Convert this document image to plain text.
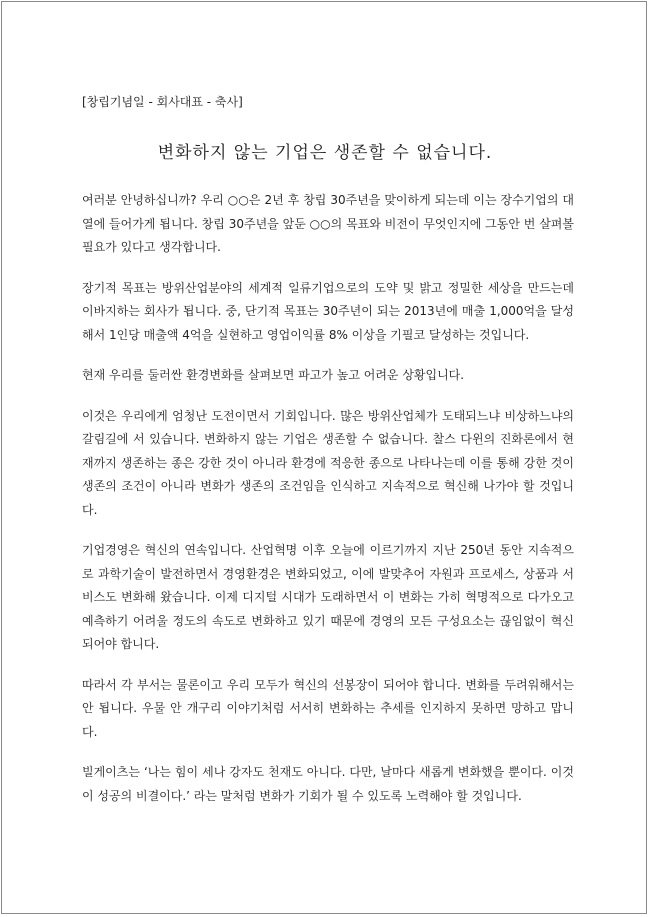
[창립기념일 - 회사대표 - 축사]
변화하지 않는 기업은 생존할 수 없습니다.

여러분 안녕하십니까? 우리 ○○은 2년 후 창립 30주년을 맞이하게 되는데 이는 장수기업의 대열에 들어가게 됩니다. 창립 30주년을 앞둔 ○○의 목표와 비전이 무엇인지에 그동안 번 살펴볼 필요가 있다고 생각합니다.

장기적 목표는 방위산업분야의 세계적 일류기업으로의 도약 및 밝고 정밀한 세상을 만드는데 이바지하는 회사가 됩니다. 중, 단기적 목표는 30주년이 되는 2013년에 매출 1,000억을 달성해서 1인당 매출액 4억을 실현하고 영업이익률 8% 이상을 기필코 달성하는 것입니다.

현재 우리를 둘러싼 환경변화를 살펴보면 파고가 높고 어려운 상황입니다.

이것은 우리에게 엄청난 도전이면서 기회입니다. 많은 방위산업체가 도태되느냐 비상하느냐의 갈림길에 서 있습니다. 변화하지 않는 기업은 생존할 수 없습니다. 찰스 다윈의 진화론에서 현재까지 생존하는 종은 강한 것이 아니라 환경에 적응한 종으로 나타나는데 이를 통해 강한 것이 생존의 조건이 아니라 변화가 생존의 조건임을 인식하고 지속적으로 혁신해 나가야 할 것입니다.

기업경영은 혁신의 연속입니다. 산업혁명 이후 오늘에 이르기까지 지난 250년 동안 지속적으로 과학기술이 발전하면서 경영환경은 변화되었고, 이에 발맞추어 자원과 프로세스, 상품과 서비스도 변화해 왔습니다. 이제 디지털 시대가 도래하면서 이 변화는 가히 혁명적으로 다가오고 예측하기 어려울 정도의 속도로 변화하고 있기 때문에 경영의 모든 구성요소는 끊임없이 혁신되어야 합니다.

따라서 각 부서는 물론이고 우리 모두가 혁신의 선봉장이 되어야 합니다. 변화를 두려워해서는 안 됩니다. 우물 안 개구리 이야기처럼 서서히 변화하는 추세를 인지하지 못하면 망하고 맙니다.

빌게이츠는 ‘나는 힘이 세나 강자도 천재도 아니다. 다만, 날마다 새롭게 변화했을 뿐이다. 이것이 성공의 비결이다.’ 라는 말처럼 변화가 기회가 될 수 있도록 노력해야 할 것입니다.
